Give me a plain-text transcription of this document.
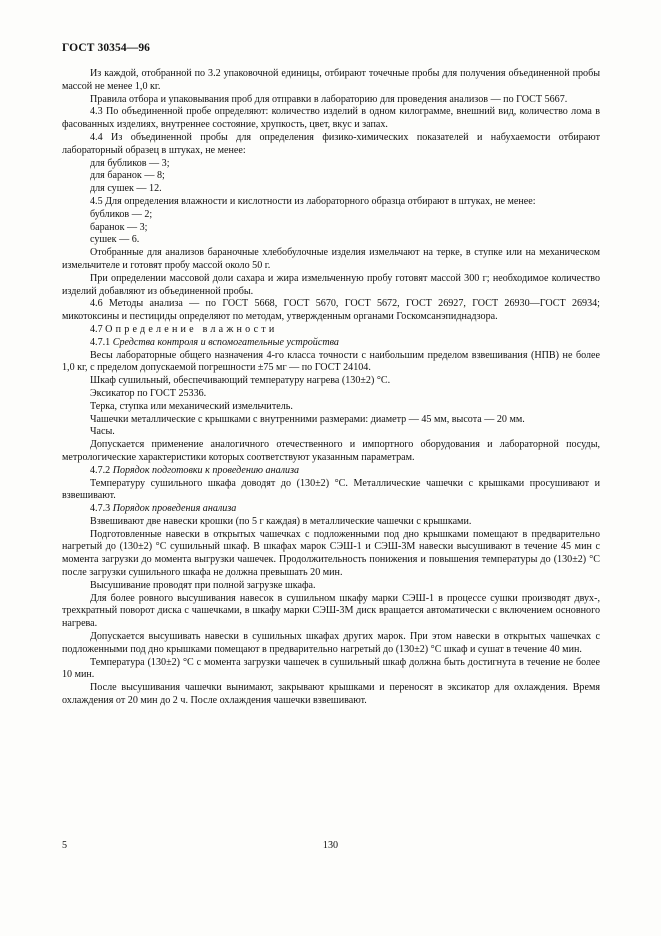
ГОСТ 30354—96

Из каждой, отобранной по 3.2 упаковочной единицы, отбирают точечные пробы для получения объединенной пробы массой не менее 1,0 кг.

Правила отбора и упаковывания проб для отправки в лабораторию для проведения анализов — по ГОСТ 5667.

4.3 По объединенной пробе определяют: количество изделий в одном килограмме, внешний вид, количество лома в фасованных изделиях, внутреннее состояние, хрупкость, цвет, вкус и запах.

4.4 Из объединенной пробы для определения физико-химических показателей и набухаемости отбирают лабораторный образец в штуках, не менее:

для бубликов — 3;

для баранок — 8;

для сушек — 12.

4.5 Для определения влажности и кислотности из лабораторного образца отбирают в штуках, не менее:

бубликов — 2;

баранок — 3;

сушек — 6.

Отобранные для анализов бараночные хлебобулочные изделия измельчают на терке, в ступке или на механическом измельчителе и готовят пробу массой около 50 г.

При определении массовой доли сахара и жира измельченную пробу готовят массой 300 г; необходимое количество изделий добавляют из объединенной пробы.

4.6 Методы анализа — по ГОСТ 5668, ГОСТ 5670, ГОСТ 5672, ГОСТ 26927, ГОСТ 26930—ГОСТ 26934; микотоксины и пестициды определяют по методам, утвержденным органами Госкомсанэпиднадзора.

4.7 Определение влажности

4.7.1 Средства контроля и вспомогательные устройства

Весы лабораторные общего назначения 4-го класса точности с наибольшим пределом взвешивания (НПВ) не более 1,0 кг, с пределом допускаемой погрешности ±75 мг — по ГОСТ 24104.

Шкаф сушильный, обеспечивающий температуру нагрева (130±2) °С.

Эксикатор по ГОСТ 25336.

Терка, ступка или механический измельчитель.

Чашечки металлические с крышками с внутренними размерами: диаметр — 45 мм, высота — 20 мм.

Часы.

Допускается применение аналогичного отечественного и импортного оборудования и лабораторной посуды, метрологические характеристики которых соответствуют указанным параметрам.

4.7.2 Порядок подготовки к проведению анализа

Температуру сушильного шкафа доводят до (130±2) °С. Металлические чашечки с крышками просушивают и взвешивают.

4.7.3 Порядок проведения анализа

Взвешивают две навески крошки (по 5 г каждая) в металлические чашечки с крышками.

Подготовленные навески в открытых чашечках с подложенными под дно крышками помещают в предварительно нагретый до (130±2) °С сушильный шкаф. В шкафах марок СЭШ-1 и СЭШ-3М навески высушивают в течение 45 мин с момента загрузки до момента выгрузки чашечек. Продолжительность понижения и повышения температуры до (130±2) °С после загрузки сушильного шкафа не должна превышать 20 мин.

Высушивание проводят при полной загрузке шкафа.

Для более ровного высушивания навесок в сушильном шкафу марки СЭШ-1 в процессе сушки производят двух-, трехкратный поворот диска с чашечками, в шкафу марки СЭШ-3М диск вращается автоматически с включением основного нагрева.

Допускается высушивать навески в сушильных шкафах других марок. При этом навески в открытых чашечках с подложенными под дно крышками помещают в предварительно нагретый до (130±2) °С шкаф и сушат в течение 40 мин.

Температура (130±2) °С с момента загрузки чашечек в сушильный шкаф должна быть достигнута в течение не более 10 мин.

После высушивания чашечки вынимают, закрывают крышками и переносят в эксикатор для охлаждения. Время охлаждения от 20 мин до 2 ч. После охлаждения чашечки взвешивают.

5	130
